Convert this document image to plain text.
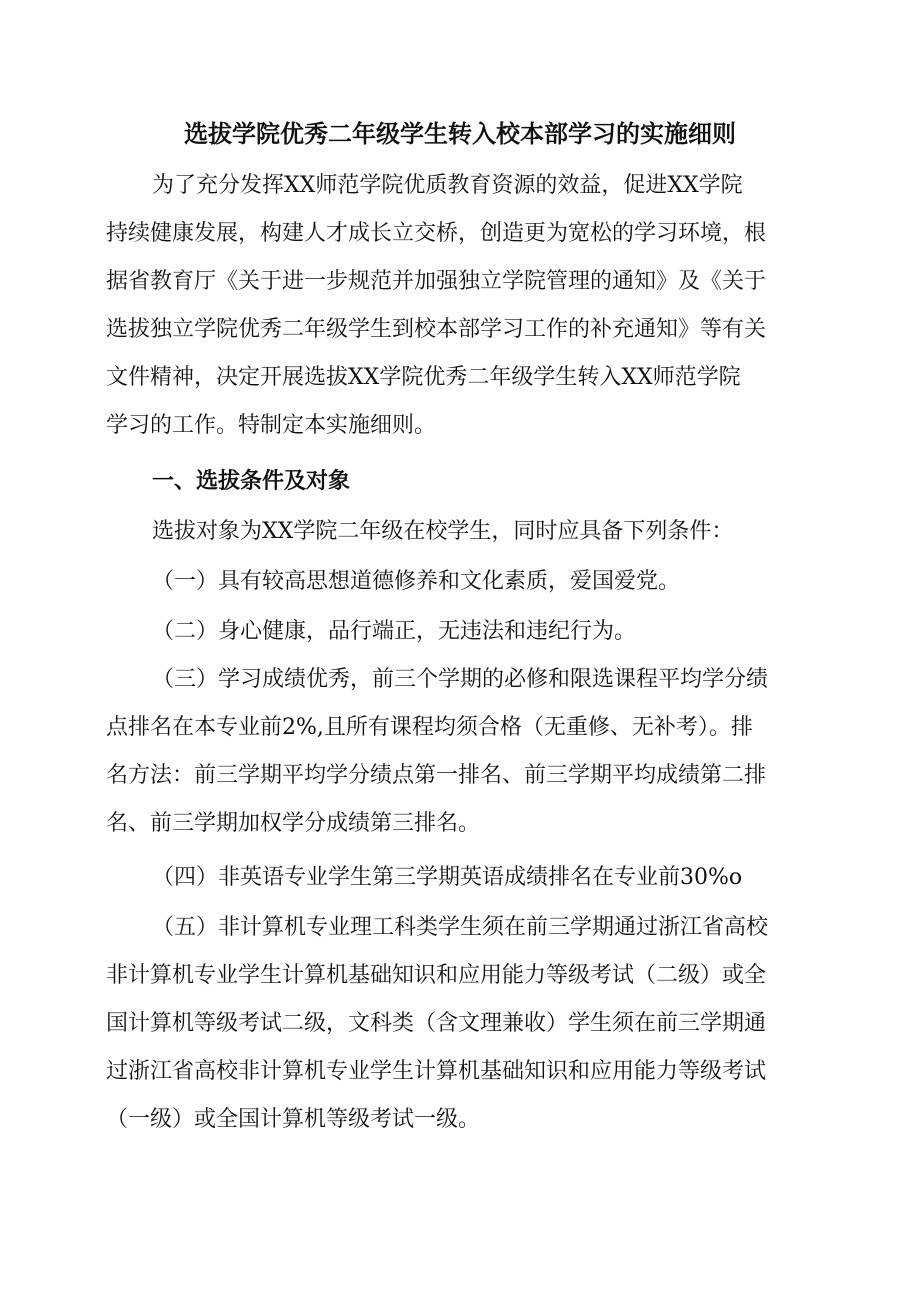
选拔学院优秀二年级学生转入校本部学习的实施细则
为了充分发挥XX师范学院优质教育资源的效益，促进XX学院
持续健康发展，构建人才成长立交桥，创造更为宽松的学习环境，根
据省教育厅《关于进一步规范并加强独立学院管理的通知》及《关于
选拔独立学院优秀二年级学生到校本部学习工作的补充通知》等有关
文件精神，决定开展选拔XX学院优秀二年级学生转入XX师范学院
学习的工作。特制定本实施细则。
一、选拔条件及对象
选拔对象为XX学院二年级在校学生，同时应具备下列条件：
（一）具有较高思想道德修养和文化素质，爱国爱党。
（二）身心健康，品行端正，无违法和违纪行为。
（三）学习成绩优秀，前三个学期的必修和限选课程平均学分绩
点排名在本专业前2%,且所有课程均须合格（无重修、无补考）。排
名方法：前三学期平均学分绩点第一排名、前三学期平均成绩第二排
名、前三学期加权学分成绩第三排名。
（四）非英语专业学生第三学期英语成绩排名在专业前30%o
（五）非计算机专业理工科类学生须在前三学期通过浙江省高校
非计算机专业学生计算机基础知识和应用能力等级考试（二级）或全
国计算机等级考试二级，文科类（含文理兼收）学生须在前三学期通
过浙江省高校非计算机专业学生计算机基础知识和应用能力等级考试
（一级）或全国计算机等级考试一级。
